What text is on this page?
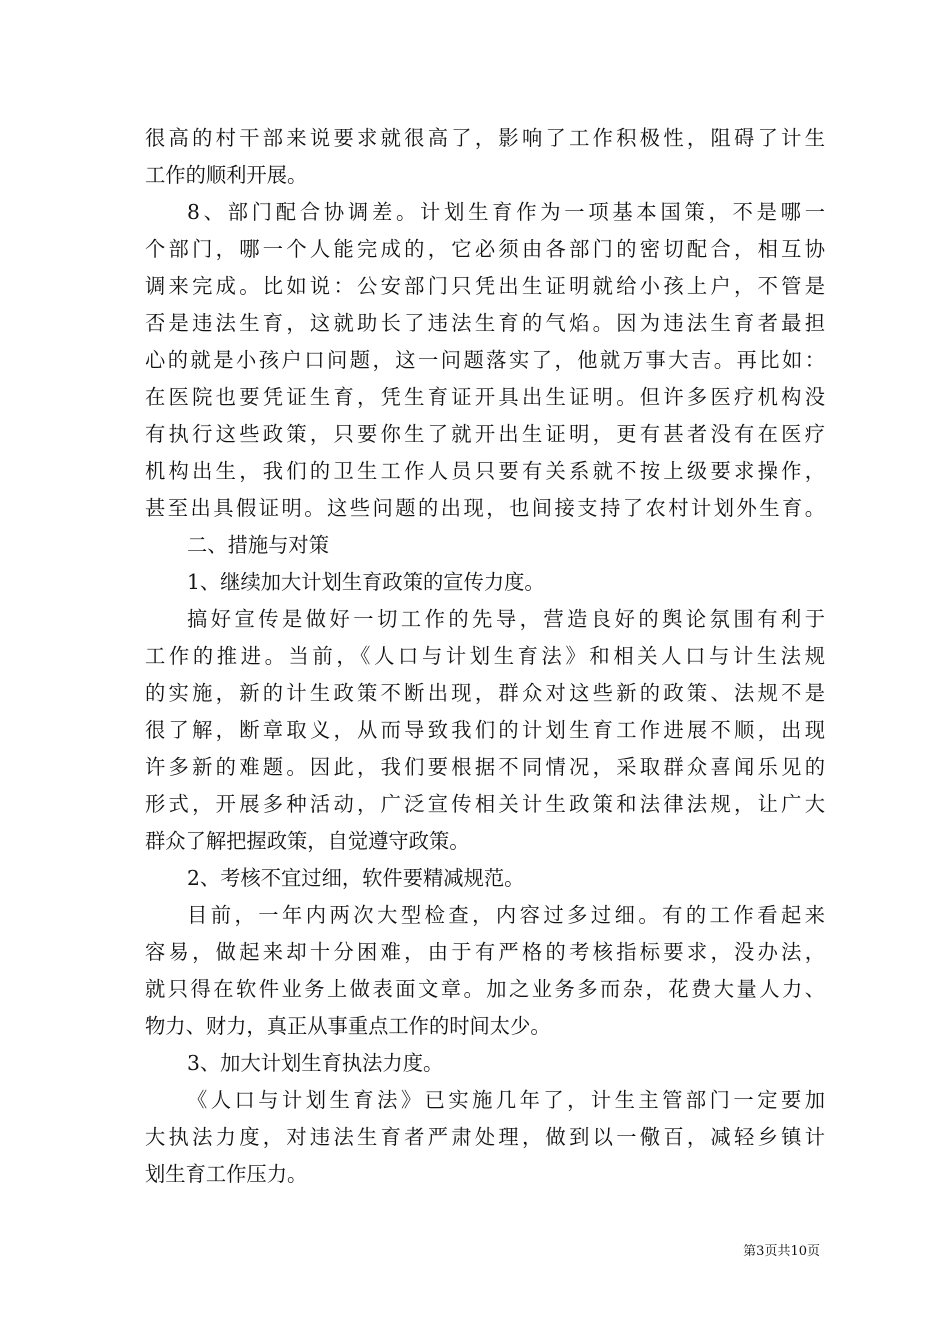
很高的村干部来说要求就很高了，影响了工作积极性，阻碍了计生
工作的顺利开展。
8、部门配合协调差。计划生育作为一项基本国策，不是哪一
个部门，哪一个人能完成的，它必须由各部门的密切配合，相互协
调来完成。比如说：公安部门只凭出生证明就给小孩上户，不管是
否是违法生育，这就助长了违法生育的气焰。因为违法生育者最担
心的就是小孩户口问题，这一问题落实了，他就万事大吉。再比如：
在医院也要凭证生育，凭生育证开具出生证明。但许多医疗机构没
有执行这些政策，只要你生了就开出生证明，更有甚者没有在医疗
机构出生，我们的卫生工作人员只要有关系就不按上级要求操作，
甚至出具假证明。这些问题的出现，也间接支持了农村计划外生育。
二、措施与对策
1、继续加大计划生育政策的宣传力度。
搞好宣传是做好一切工作的先导，营造良好的舆论氛围有利于
工作的推进。当前，《人口与计划生育法》和相关人口与计生法规
的实施，新的计生政策不断出现，群众对这些新的政策、法规不是
很了解，断章取义，从而导致我们的计划生育工作进展不顺，出现
许多新的难题。因此，我们要根据不同情况，采取群众喜闻乐见的
形式，开展多种活动，广泛宣传相关计生政策和法律法规，让广大
群众了解把握政策，自觉遵守政策。
2、考核不宜过细，软件要精减规范。
目前，一年内两次大型检查，内容过多过细。有的工作看起来
容易，做起来却十分困难，由于有严格的考核指标要求，没办法，
就只得在软件业务上做表面文章。加之业务多而杂，花费大量人力、
物力、财力，真正从事重点工作的时间太少。
3、加大计划生育执法力度。
《人口与计划生育法》已实施几年了，计生主管部门一定要加
大执法力度，对违法生育者严肃处理，做到以一儆百，减轻乡镇计
划生育工作压力。
第3页共10页
